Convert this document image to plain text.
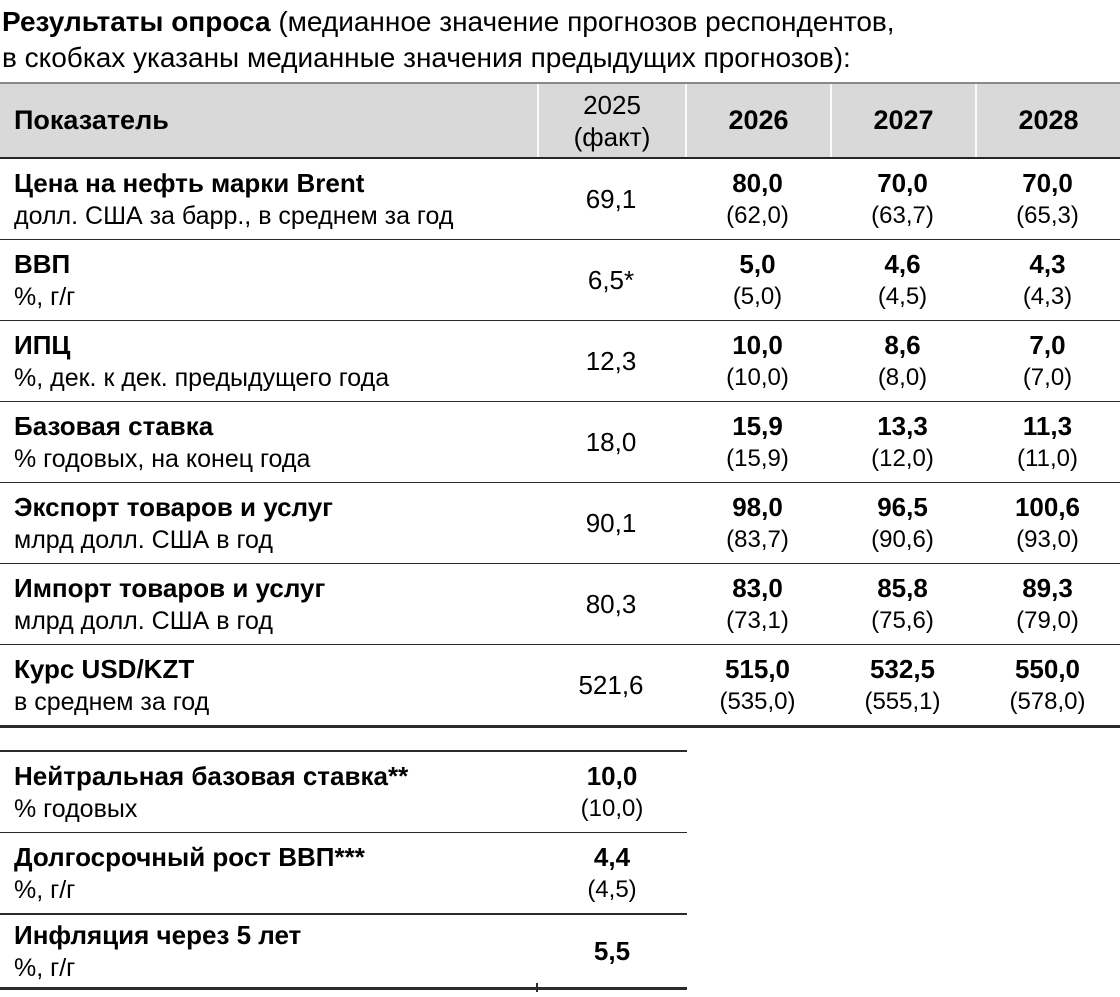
Результаты опроса (медианное значение прогнозов респондентов,
в скобках указаны медианные значения предыдущих прогнозов):

Показатель
2025
(факт)
2026	2027	2028
Цена на нефть марки Brent
долл. США за барр., в среднем за год
69,1
80,0
(62,0)
70,0
(63,7)
70,0
(65,3)
ВВП
%, г/г
6,5*
5,0
(5,0)
4,6
(4,5)
4,3
(4,3)
ИПЦ
%, дек. к дек. предыдущего года
12,3
10,0
(10,0)
8,6
(8,0)
7,0
(7,0)
Базовая ставка
% годовых, на конец года
18,0
15,9
(15,9)
13,3
(12,0)
11,3
(11,0)
Экспорт товаров и услуг
млрд долл. США в год
90,1
98,0
(83,7)
96,5
(90,6)
100,6
(93,0)
Импорт товаров и услуг
млрд долл. США в год
80,3
83,0
(73,1)
85,8
(75,6)
89,3
(79,0)
Курс USD/KZT
в среднем за год
521,6
515,0
(535,0)
532,5
(555,1)
550,0
(578,0)
Нейтральная базовая ставка**
% годовых
10,0
(10,0)
Долгосрочный рост ВВП***
%, г/г
4,4
(4,5)
Инфляция через 5 лет
%, г/г
5,5
